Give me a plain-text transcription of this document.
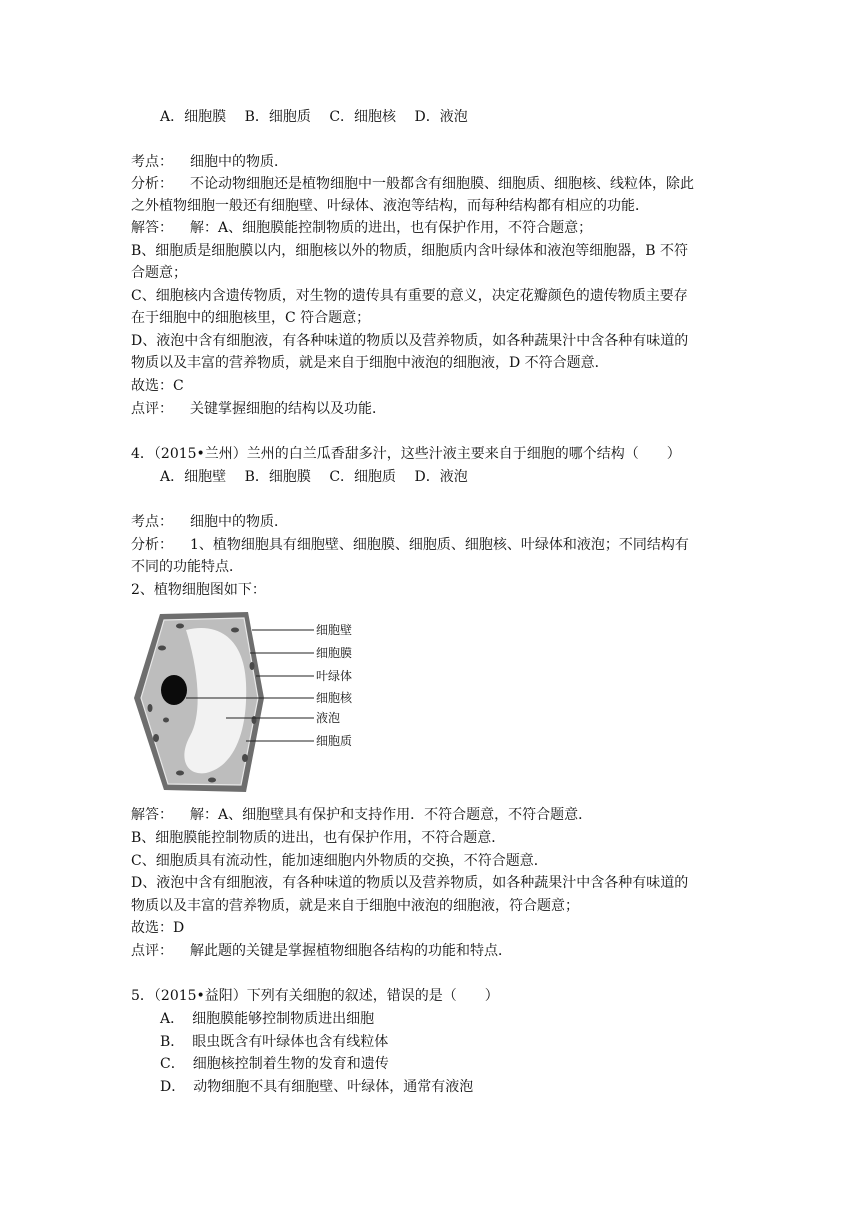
A．细胞膜 B．细胞质 C．细胞核 D．液泡
考点： 细胞中的物质．
分析： 不论动物细胞还是植物细胞中一般都含有细胞膜、细胞质、细胞核、线粒体，除此
之外植物细胞一般还有细胞壁、叶绿体、液泡等结构，而每种结构都有相应的功能．
解答： 解：A、细胞膜能控制物质的进出，也有保护作用，不符合题意；
B、细胞质是细胞膜以内，细胞核以外的物质，细胞质内含叶绿体和液泡等细胞器，B 不符
合题意；
C、细胞核内含遗传物质，对生物的遗传具有重要的意义，决定花瓣颜色的遗传物质主要存
在于细胞中的细胞核里，C 符合题意；
D、液泡中含有细胞液，有各种味道的物质以及营养物质，如各种蔬果汁中含各种有味道的
物质以及丰富的营养物质，就是来自于细胞中液泡的细胞液，D 不符合题意．
故选：C
点评： 关键掌握细胞的结构以及功能．
4．（2015•兰州）兰州的白兰瓜香甜多汁，这些汁液主要来自于细胞的哪个结构（　　）
A．细胞壁 B．细胞膜 C．细胞质 D．液泡
考点： 细胞中的物质．
分析： 1、植物细胞具有细胞壁、细胞膜、细胞质、细胞核、叶绿体和液泡；不同结构有
不同的功能特点．
2、植物细胞图如下：
细胞壁
细胞膜
叶绿体
细胞核
液泡
细胞质
解答： 解：A、细胞壁具有保护和支持作用．不符合题意，不符合题意．
B、细胞膜能控制物质的进出，也有保护作用，不符合题意．
C、细胞质具有流动性，能加速细胞内外物质的交换，不符合题意．
D、液泡中含有细胞液，有各种味道的物质以及营养物质，如各种蔬果汁中含各种有味道的
物质以及丰富的营养物质，就是来自于细胞中液泡的细胞液，符合题意；
故选：D
点评： 解此题的关键是掌握植物细胞各结构的功能和特点．
5．（2015•益阳）下列有关细胞的叙述，错误的是（　　）
A． 细胞膜能够控制物质进出细胞
B． 眼虫既含有叶绿体也含有线粒体
C． 细胞核控制着生物的发育和遗传
D． 动物细胞不具有细胞壁、叶绿体，通常有液泡
